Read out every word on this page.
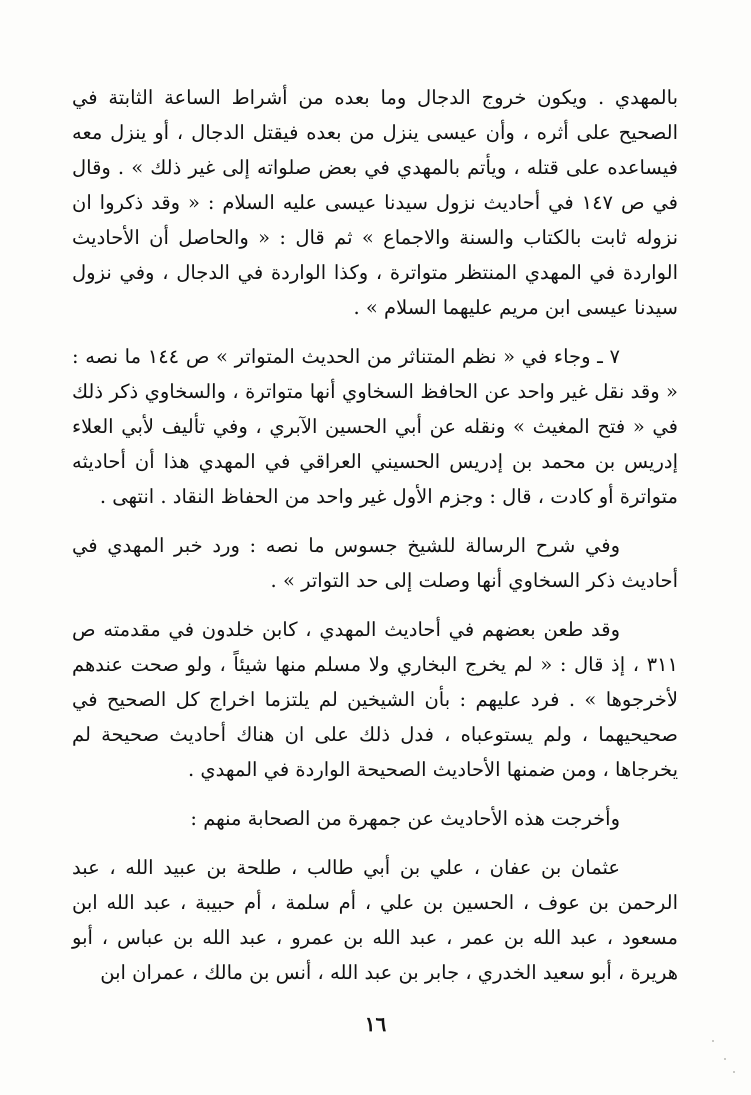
بالمهدي . ويكون خروج الدجال وما بعده من أشراط الساعة الثابتة في الصحيح على أثره ، وأن عيسى ينزل من بعده فيقتل الدجال ، أو ينزل معه فيساعده على قتله ، ويأتم بالمهدي في بعض صلواته إلى غير ذلك » . وقال في ص ١٤٧ في أحاديث نزول سيدنا عيسى عليه السلام : « وقد ذكروا ان نزوله ثابت بالكتاب والسنة والاجماع » ثم قال : « والحاصل أن الأحاديث الواردة في المهدي المنتظر متواترة ، وكذا الواردة في الدجال ، وفي نزول سيدنا عيسى ابن مريم عليهما السلام » .

٧ ـ وجاء في « نظم المتناثر من الحديث المتواتر » ص ١٤٤ ما نصه : « وقد نقل غير واحد عن الحافظ السخاوي أنها متواترة ، والسخاوي ذكر ذلك في « فتح المغيث » ونقله عن أبي الحسين الآبري ، وفي تأليف لأبي العلاء إدريس بن محمد بن إدريس الحسيني العراقي في المهدي هذا أن أحاديثه متواترة أو كادت ، قال : وجزم الأول غير واحد من الحفاظ النقاد . انتهى .

وفي شرح الرسالة للشيخ جسوس ما نصه : ورد خبر المهدي في أحاديث ذكر السخاوي أنها وصلت إلى حد التواتر » .

وقد طعن بعضهم في أحاديث المهدي ، كابن خلدون في مقدمته ص ٣١١ ، إذ قال : « لم يخرج البخاري ولا مسلم منها شيئاً ، ولو صحت عندهم لأخرجوها » . فرد عليهم : بأن الشيخين لم يلتزما اخراج كل الصحيح في صحيحيهما ، ولم يستوعباه ، فدل ذلك على ان هناك أحاديث صحيحة لم يخرجاها ، ومن ضمنها الأحاديث الصحيحة الواردة في المهدي .

وأخرجت هذه الأحاديث عن جمهرة من الصحابة منهم :

عثمان بن عفان ، علي بن أبي طالب ، طلحة بن عبيد الله ، عبد الرحمن بن عوف ، الحسين بن علي ، أم سلمة ، أم حبيبة ، عبد الله ابن مسعود ، عبد الله بن عمر ، عبد الله بن عمرو ، عبد الله بن عباس ، أبو هريرة ، أبو سعيد الخدري ، جابر بن عبد الله ، أنس بن مالك ، عمران ابن

١٦
